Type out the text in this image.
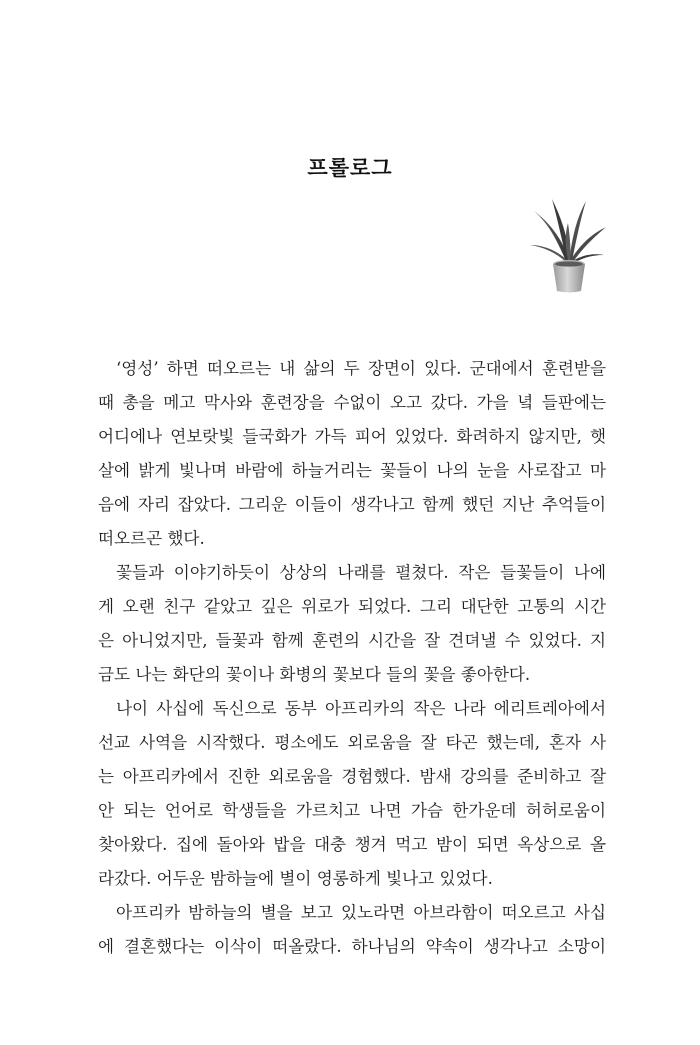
프롤로그
‘영성’ 하면 떠오르는 내 삶의 두 장면이 있다. 군대에서 훈련받을
때 총을 메고 막사와 훈련장을 수없이 오고 갔다. 가을 녘 들판에는
어디에나 연보랏빛 들국화가 가득 피어 있었다. 화려하지 않지만, 햇
살에 밝게 빛나며 바람에 하늘거리는 꽃들이 나의 눈을 사로잡고 마
음에 자리 잡았다. 그리운 이들이 생각나고 함께 했던 지난 추억들이
떠오르곤 했다.
꽃들과 이야기하듯이 상상의 나래를 펼쳤다. 작은 들꽃들이 나에
게 오랜 친구 같았고 깊은 위로가 되었다. 그리 대단한 고통의 시간
은 아니었지만, 들꽃과 함께 훈련의 시간을 잘 견뎌낼 수 있었다. 지
금도 나는 화단의 꽃이나 화병의 꽃보다 들의 꽃을 좋아한다.
나이 사십에 독신으로 동부 아프리카의 작은 나라 에리트레아에서
선교 사역을 시작했다. 평소에도 외로움을 잘 타곤 했는데, 혼자 사
는 아프리카에서 진한 외로움을 경험했다. 밤새 강의를 준비하고 잘
안 되는 언어로 학생들을 가르치고 나면 가슴 한가운데 허허로움이
찾아왔다. 집에 돌아와 밥을 대충 챙겨 먹고 밤이 되면 옥상으로 올
라갔다. 어두운 밤하늘에 별이 영롱하게 빛나고 있었다.
아프리카 밤하늘의 별을 보고 있노라면 아브라함이 떠오르고 사십
에 결혼했다는 이삭이 떠올랐다. 하나님의 약속이 생각나고 소망이
